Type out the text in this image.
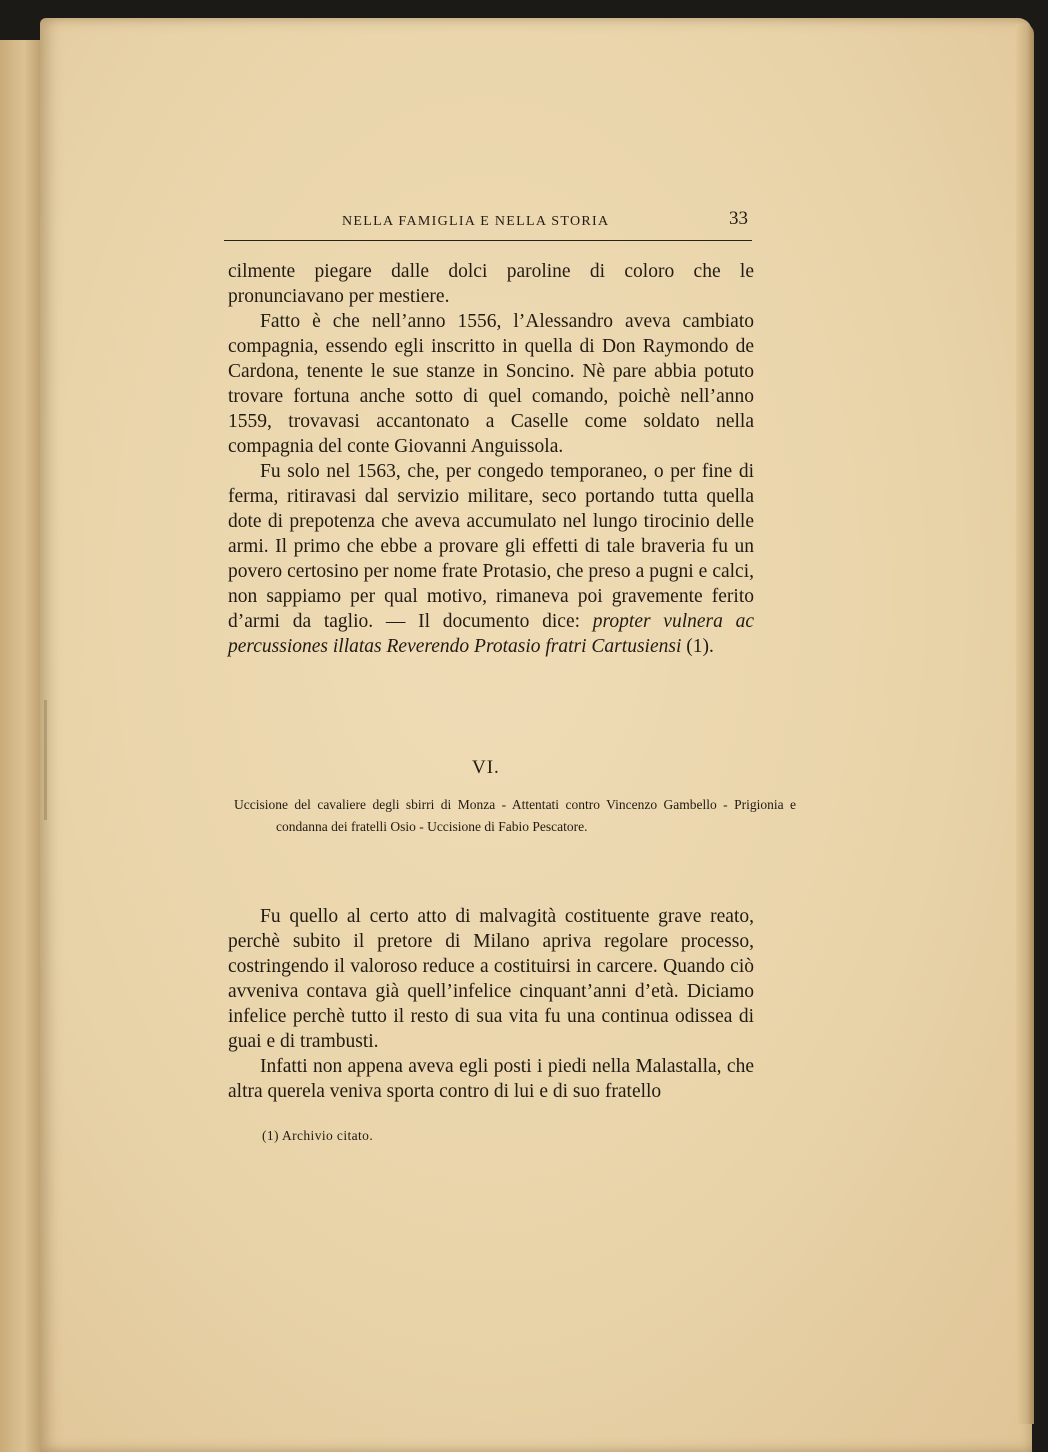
NELLA FAMIGLIA E NELLA STORIA	33

cilmente piegare dalle dolci paroline di coloro che le pronunciavano per mestiere.

Fatto è che nell’anno 1556, l’Alessandro aveva cambiato compagnia, essendo egli inscritto in quella di Don Raymondo de Cardona, tenente le sue stanze in Soncino. Nè pare abbia potuto trovare fortuna anche sotto di quel comando, poichè nell’anno 1559, trovavasi accantonato a Caselle come soldato nella compagnia del conte Giovanni Anguissola.

Fu solo nel 1563, che, per congedo temporaneo, o per fine di ferma, ritiravasi dal servizio militare, seco portando tutta quella dote di prepotenza che aveva accumulato nel lungo tirocinio delle armi. Il primo che ebbe a provare gli effetti di tale braveria fu un povero certosino per nome frate Protasio, che preso a pugni e calci, non sappiamo per qual motivo, rimaneva poi gravemente ferito d’armi da taglio. — Il documento dice: propter vulnera ac percussiones illatas Reverendo Protasio fratri Cartusiensi (1).

VI.
Uccisione del cavaliere degli sbirri di Monza - Attentati contro Vincenzo Gambello - Prigionia e condanna dei fratelli Osio - Uccisione di Fabio Pescatore.

Fu quello al certo atto di malvagità costituente grave reato, perchè subito il pretore di Milano apriva regolare processo, costringendo il valoroso reduce a costituirsi in carcere. Quando ciò avveniva contava già quell’infelice cinquant’anni d’età. Diciamo infelice perchè tutto il resto di sua vita fu una continua odissea di guai e di trambusti.

Infatti non appena aveva egli posti i piedi nella Malastalla, che altra querela veniva sporta contro di lui e di suo fratello

(1) Archivio citato.
